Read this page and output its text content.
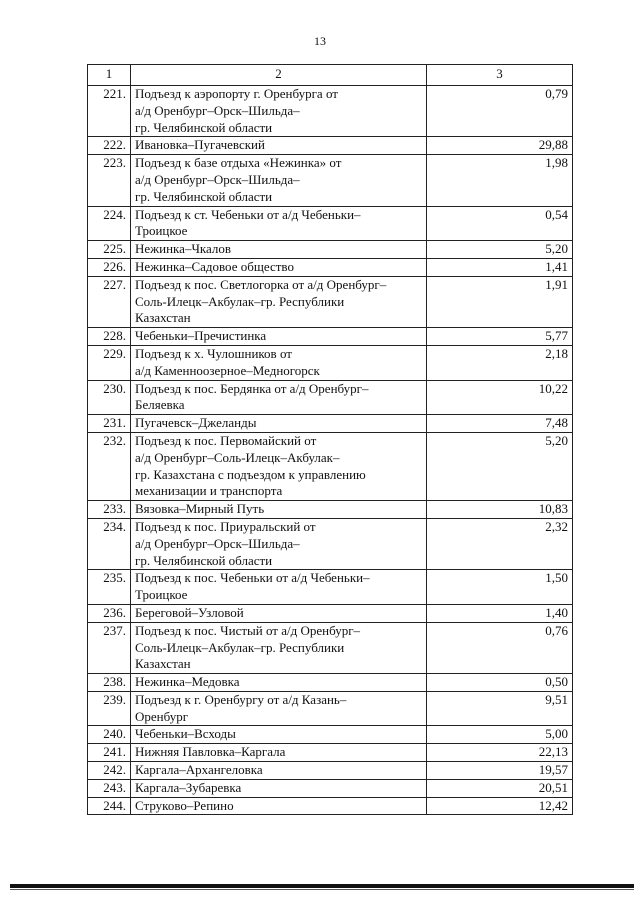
13
1	2	3
221.	Подъезд к аэропорту г. Оренбурга от
а/д Оренбург–Орск–Шильда–
гр. Челябинской области	0,79
222.	Ивановка–Пугачевский	29,88
223.	Подъезд к базе отдыха «Нежинка» от
а/д Оренбург–Орск–Шильда–
гр. Челябинской области	1,98
224.	Подъезд к ст. Чебеньки от а/д Чебеньки–
Троицкое	0,54
225.	Нежинка–Чкалов	5,20
226.	Нежинка–Садовое общество	1,41
227.	Подъезд к пос. Светлогорка от а/д Оренбург–
Соль-Илецк–Акбулак–гр. Республики
Казахстан	1,91
228.	Чебеньки–Пречистинка	5,77
229.	Подъезд к х. Чулошников от
а/д Каменноозерное–Медногорск	2,18
230.	Подъезд к пос. Бердянка от а/д Оренбург–
Беляевка	10,22
231.	Пугачевск–Джеланды	7,48
232.	Подъезд к пос. Первомайский от
а/д Оренбург–Соль-Илецк–Акбулак–
гр. Казахстана с подъездом к управлению
механизации и транспорта	5,20
233.	Вязовка–Мирный Путь	10,83
234.	Подъезд к пос. Приуральский от
а/д Оренбург–Орск–Шильда–
гр. Челябинской области	2,32
235.	Подъезд к пос. Чебеньки от а/д Чебеньки–
Троицкое	1,50
236.	Береговой–Узловой	1,40
237.	Подъезд к пос. Чистый от а/д Оренбург–
Соль-Илецк–Акбулак–гр. Республики
Казахстан	0,76
238.	Нежинка–Медовка	0,50
239.	Подъезд к г. Оренбургу от а/д Казань–
Оренбург	9,51
240.	Чебеньки–Всходы	5,00
241.	Нижняя Павловка–Каргала	22,13
242.	Каргала–Архангеловка	19,57
243.	Каргала–Зубаревка	20,51
244.	Струково–Репино	12,42
